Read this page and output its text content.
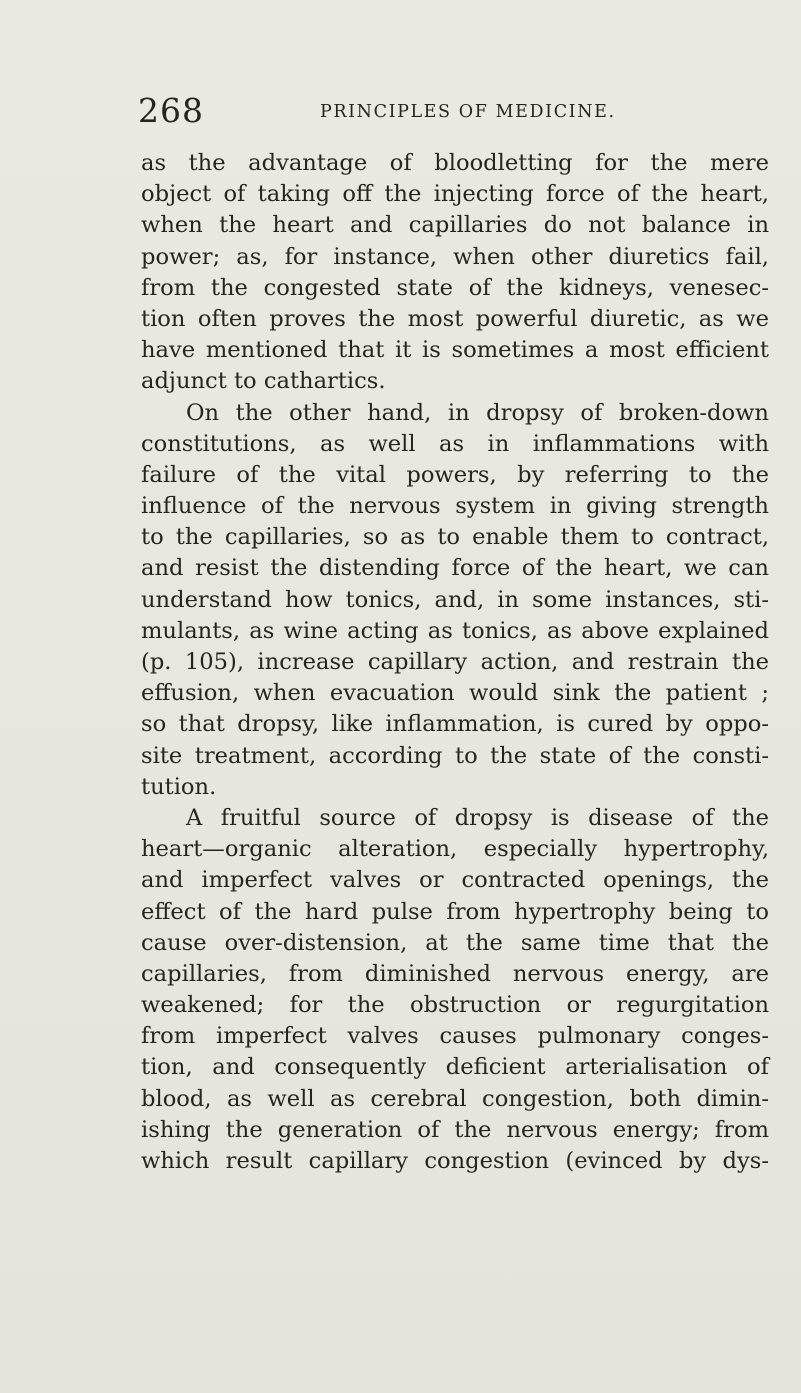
268	PRINCIPLES OF MEDICINE.
as the advantage of bloodletting for the mere
object of taking off the injecting force of the heart,
when the heart and capillaries do not balance in
power; as, for instance, when other diuretics fail,
from the congested state of the kidneys, venesec-
tion often proves the most powerful diuretic, as we
have mentioned that it is sometimes a most efficient
adjunct to cathartics.
On the other hand, in dropsy of broken-down
constitutions, as well as in inflammations with
failure of the vital powers, by referring to the
influence of the nervous system in giving strength
to the capillaries, so as to enable them to contract,
and resist the distending force of the heart, we can
understand how tonics, and, in some instances, sti-
mulants, as wine acting as tonics, as above explained
(p. 105), increase capillary action, and restrain the
effusion, when evacuation would sink the patient ;
so that dropsy, like inflammation, is cured by oppo-
site treatment, according to the state of the consti-
tution.
A fruitful source of dropsy is disease of the
heart—organic alteration, especially hypertrophy,
and imperfect valves or contracted openings, the
effect of the hard pulse from hypertrophy being to
cause over-distension, at the same time that the
capillaries, from diminished nervous energy, are
weakened; for the obstruction or regurgitation
from imperfect valves causes pulmonary conges-
tion, and consequently deficient arterialisation of
blood, as well as cerebral congestion, both dimin-
ishing the generation of the nervous energy; from
which result capillary congestion (evinced by dys-
